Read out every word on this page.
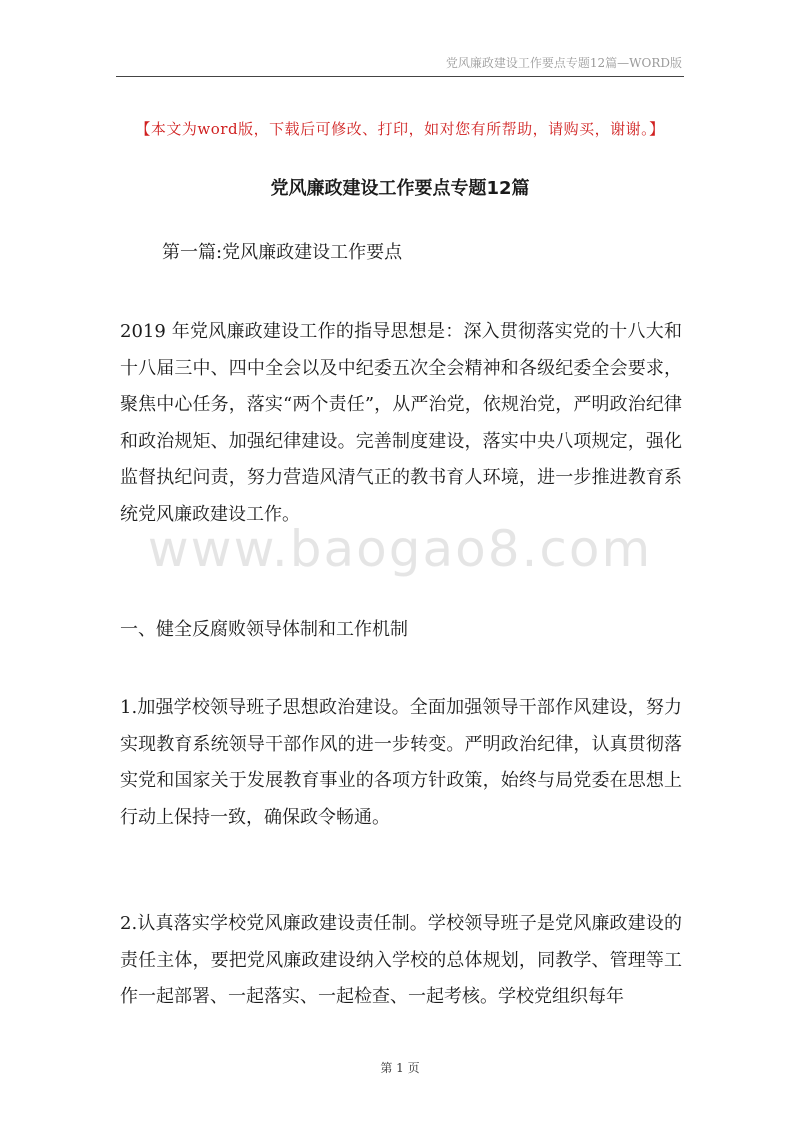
党风廉政建设工作要点专题12篇—WORD版
【本文为word版，下载后可修改、打印，如对您有所帮助，请购买，谢谢。】
党风廉政建设工作要点专题12篇
第一篇:党风廉政建设工作要点

2019 年党风廉政建设工作的指导思想是：深入贯彻落实党的十八大和十八届三中、四中全会以及中纪委五次全会精神和各级纪委全会要求，聚焦中心任务，落实“两个责任”，从严治党，依规治党，严明政治纪律和政治规矩、加强纪律建设。完善制度建设，落实中央八项规定，强化监督执纪问责，努力营造风清气正的教书育人环境，进一步推进教育系统党风廉政建设工作。

一、健全反腐败领导体制和工作机制

1.加强学校领导班子思想政治建设。全面加强领导干部作风建设，努力实现教育系统领导干部作风的进一步转变。严明政治纪律，认真贯彻落实党和国家关于发展教育事业的各项方针政策，始终与局党委在思想上行动上保持一致，确保政令畅通。

2.认真落实学校党风廉政建设责任制。学校领导班子是党风廉政建设的责任主体，要把党风廉政建设纳入学校的总体规划，同教学、管理等工作一起部署、一起落实、一起检查、一起考核。学校党组织每年

www.baogao8.com
第 1 页
